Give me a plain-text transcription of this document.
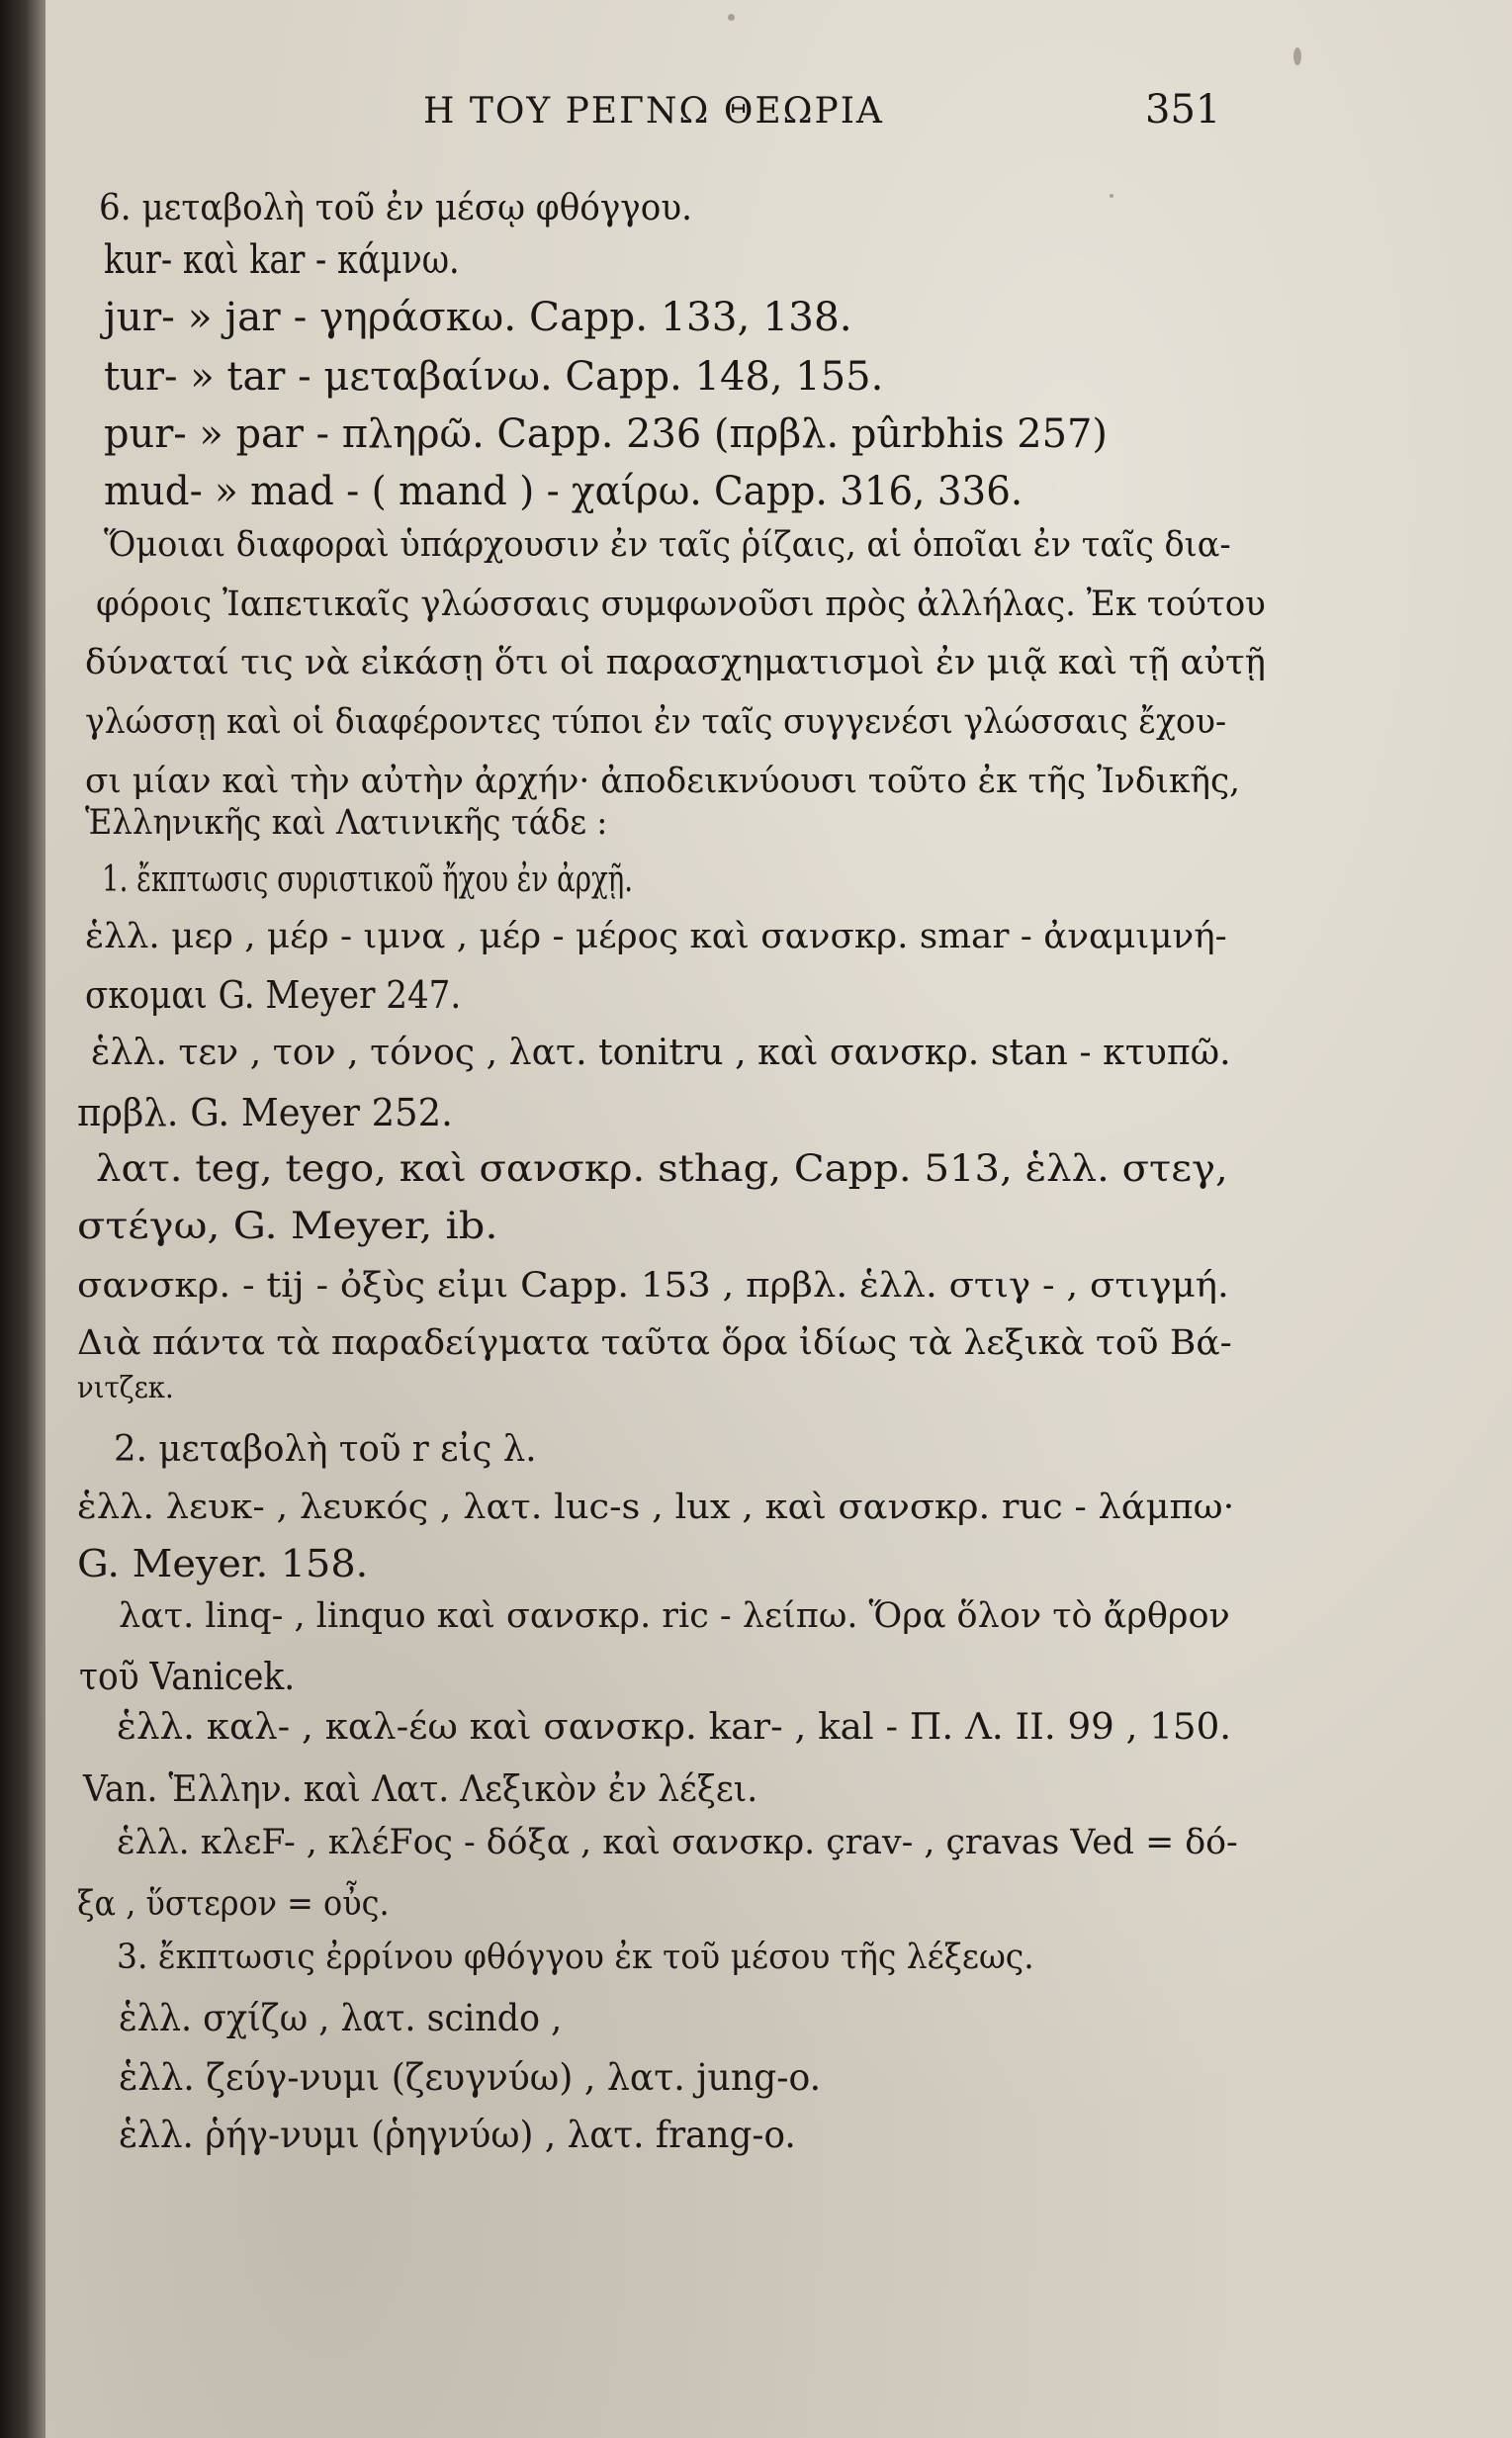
Η ΤΟΥ ΡΕΓΝΩ ΘΕΩΡΙΑ	351
6. μεταβολὴ τοῦ ἐν μέσῳ φθόγγου.
kur- καὶ kar - κάμνω.
jur- » jar - γηράσκω. Capp. 133, 138.
tur- » tar - μεταβαίνω. Capp. 148, 155.
pur- » par - πληρῶ. Capp. 236 (πρβλ. pûrbhis 257)
mud- » mad - ( mand ) - χαίρω. Capp. 316, 336.
Ὅμοιαι διαφοραὶ ὑπάρχουσιν ἐν ταῖς ῥίζαις, αἱ ὁποῖαι ἐν ταῖς δια-
φόροις Ἰαπετικαῖς γλώσσαις συμφωνοῦσι πρὸς ἀλλήλας. Ἐκ τούτου
δύναταί τις νὰ εἰκάσῃ ὅτι οἱ παρασχηματισμοὶ ἐν μιᾷ καὶ τῇ αὐτῇ
γλώσσῃ καὶ οἱ διαφέροντες τύποι ἐν ταῖς συγγενέσι γλώσσαις ἔχου-
σι μίαν καὶ τὴν αὐτὴν ἀρχήν· ἀποδεικνύουσι τοῦτο ἐκ τῆς Ἰνδικῆς,
Ἑλληνικῆς καὶ Λατινικῆς τάδε :
1. ἔκπτωσις συριστικοῦ ἤχου ἐν ἀρχῇ.
ἑλλ. μερ , μέρ - ιμνα , μέρ - μέρος καὶ σανσκρ. smar - ἀναμιμνή-
σκομαι G. Meyer 247.
ἑλλ. τεν , τον , τόνος , λατ. tonitru , καὶ σανσκρ. stan - κτυπῶ.
πρβλ. G. Meyer 252.
λατ. teg, tego, καὶ σανσκρ. sthag, Capp. 513, ἑλλ. στεγ,
στέγω, G. Meyer, ib.
σανσκρ. - tij - ὀξὺς εἰμι Capp. 153 , πρβλ. ἑλλ. στιγ - , στιγμή.
Διὰ πάντα τὰ παραδείγματα ταῦτα ὅρα ἰδίως τὰ λεξικὰ τοῦ Βά-
νιτζεκ.
2. μεταβολὴ τοῦ r εἰς λ.
ἑλλ. λευκ- , λευκός , λατ. luc-s , lux , καὶ σανσκρ. ruc - λάμπω·
G. Meyer. 158.
λατ. linq- , linquo καὶ σανσκρ. ric - λείπω. Ὅρα ὅλον τὸ ἄρθρον
τοῦ Vanicek.
ἑλλ. καλ- , καλ-έω καὶ σανσκρ. kar- , kal - Π. Λ. II. 99 , 150.
Van. Ἑλλην. καὶ Λατ. Λεξικὸν ἐν λέξει.
ἑλλ. κλεF- , κλέFος - δόξα , καὶ σανσκρ. çrav- , çravas Ved = δό-
ξα , ὕστερον = οὖς.
3. ἔκπτωσις ἐρρίνου φθόγγου ἐκ τοῦ μέσου τῆς λέξεως.
ἑλλ. σχίζω , λατ. scindo ,
ἑλλ. ζεύγ-νυμι (ζευγνύω) , λατ. jung-o.
ἑλλ. ῥήγ-νυμι (ῥηγνύω) , λατ. frang-o.
